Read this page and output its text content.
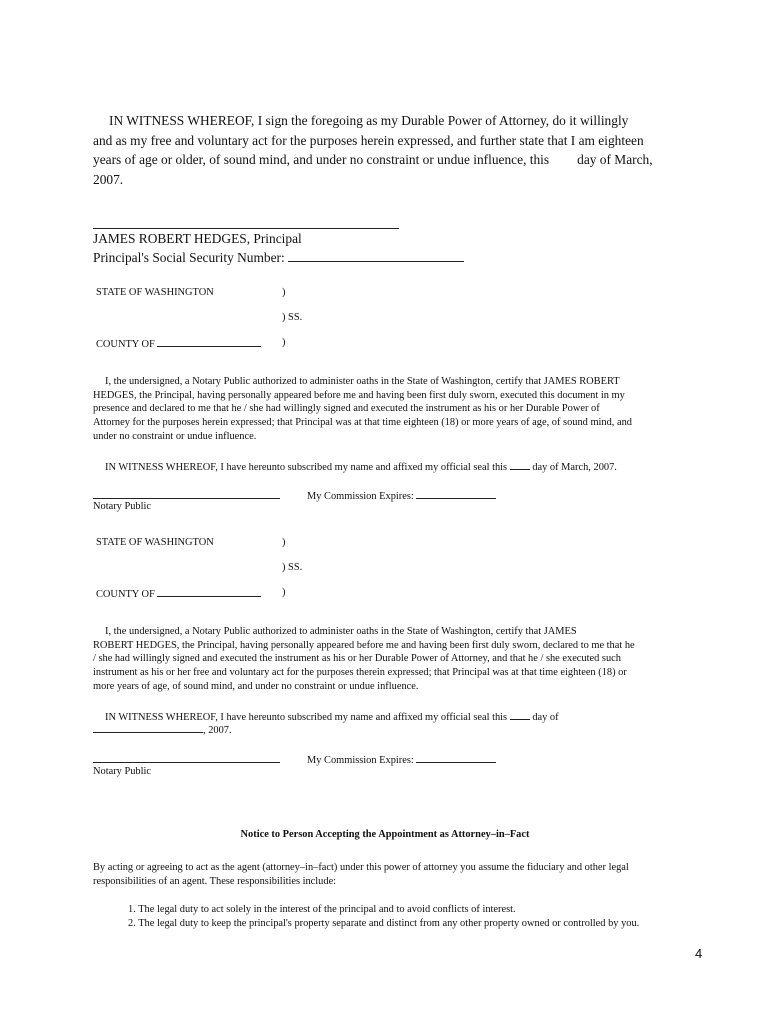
IN WITNESS WHEREOF, I sign the foregoing as my Durable Power of Attorney, do it willingly
and as my free and voluntary act for the purposes herein expressed, and further state that I am eighteen
years of age or older, of sound mind, and under no constraint or undue influence, this day of March,
2007.
JAMES ROBERT HEDGES, Principal
Principal's Social Security Number:
STATE OF WASHINGTON	)
) SS.
COUNTY OF	)
I, the undersigned, a Notary Public authorized to administer oaths in the State of Washington, certify that JAMES ROBERT
HEDGES, the Principal, having personally appeared before me and having been first duly sworn, executed this document in my
presence and declared to me that he / she had willingly signed and executed the instrument as his or her Durable Power of
Attorney for the purposes herein expressed; that Principal was at that time eighteen (18) or more years of age, of sound mind, and
under no constraint or undue influence.
IN WITNESS WHEREOF, I have hereunto subscribed my name and affixed my official seal this day of March, 2007.
My Commission Expires:
Notary Public
STATE OF WASHINGTON	)
) SS.
COUNTY OF	)
I, the undersigned, a Notary Public authorized to administer oaths in the State of Washington, certify that JAMES
ROBERT HEDGES, the Principal, having personally appeared before me and having been first duly sworn, declared to me that he
/ she had willingly signed and executed the instrument as his or her Durable Power of Attorney, and that he / she executed such
instrument as his or her free and voluntary act for the purposes therein expressed; that Principal was at that time eighteen (18) or
more years of age, of sound mind, and under no constraint or undue influence.
IN WITNESS WHEREOF, I have hereunto subscribed my name and affixed my official seal this day of
, 2007.
My Commission Expires:
Notary Public
Notice to Person Accepting the Appointment as Attorney–in–Fact
By acting or agreeing to act as the agent (attorney–in–fact) under this power of attorney you assume the fiduciary and other legal
responsibilities of an agent. These responsibilities include:
1. The legal duty to act solely in the interest of the principal and to avoid conflicts of interest.
2. The legal duty to keep the principal's property separate and distinct from any other property owned or controlled by you.
4
